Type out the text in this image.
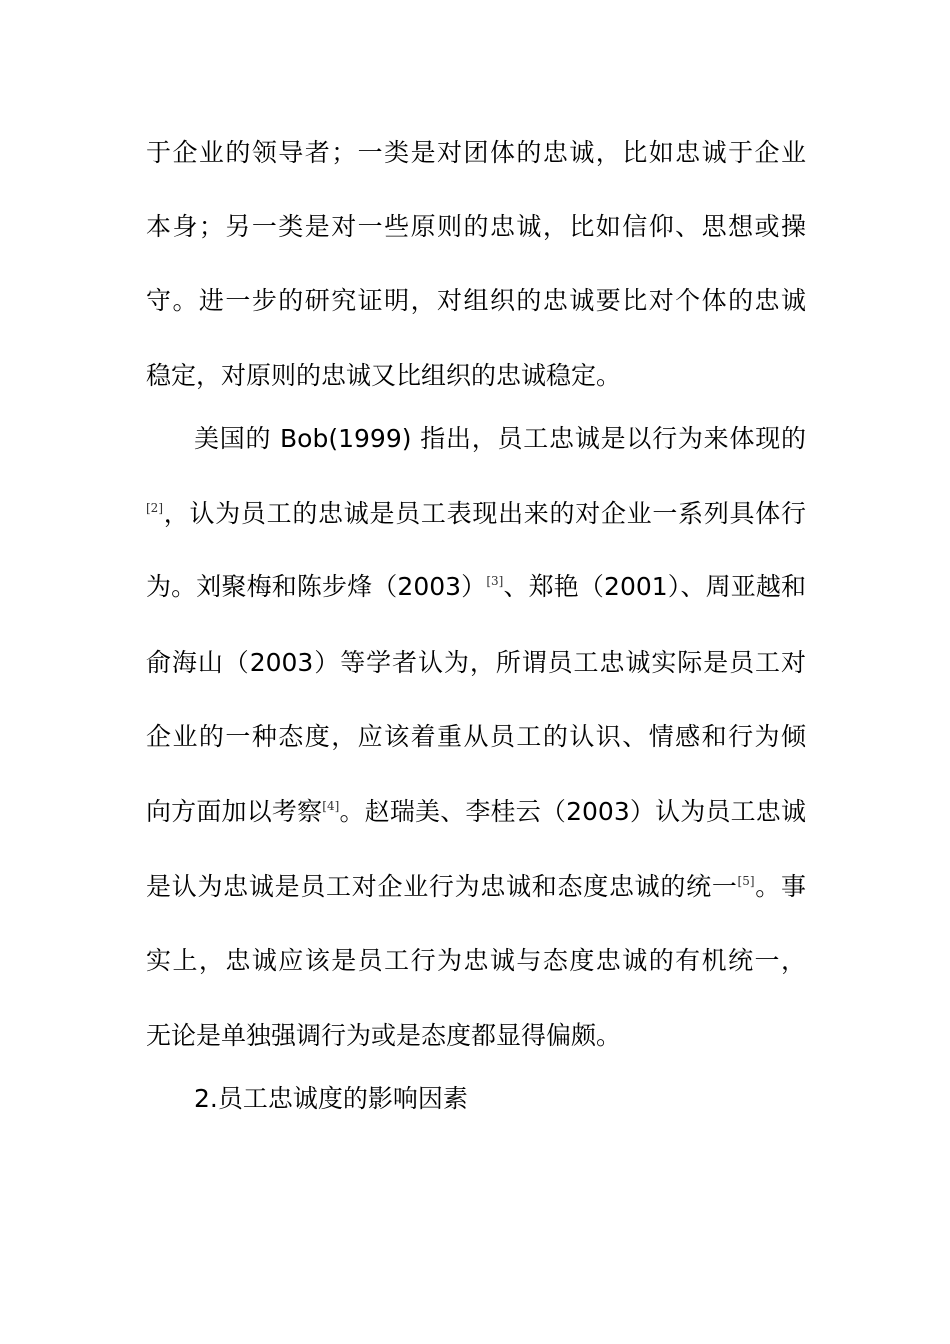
于企业的领导者；一类是对团体的忠诚，比如忠诚于企业
本身；另一类是对一些原则的忠诚，比如信仰、思想或操
守。进一步的研究证明，对组织的忠诚要比对个体的忠诚
稳定，对原则的忠诚又比组织的忠诚稳定。
美国的 Bob(1999) 指出，员工忠诚是以行为来体现的
[2]，认为员工的忠诚是员工表现出来的对企业一系列具体行
为。刘聚梅和陈步烽（2003）[3]、郑艳（2001）、周亚越和
俞海山（2003）等学者认为，所谓员工忠诚实际是员工对
企业的一种态度，应该着重从员工的认识、情感和行为倾
向方面加以考察[4]。赵瑞美、李桂云（2003）认为员工忠诚
是认为忠诚是员工对企业行为忠诚和态度忠诚的统一[5]。事
实上，忠诚应该是员工行为忠诚与态度忠诚的有机统一，
无论是单独强调行为或是态度都显得偏颇。
2.员工忠诚度的影响因素
